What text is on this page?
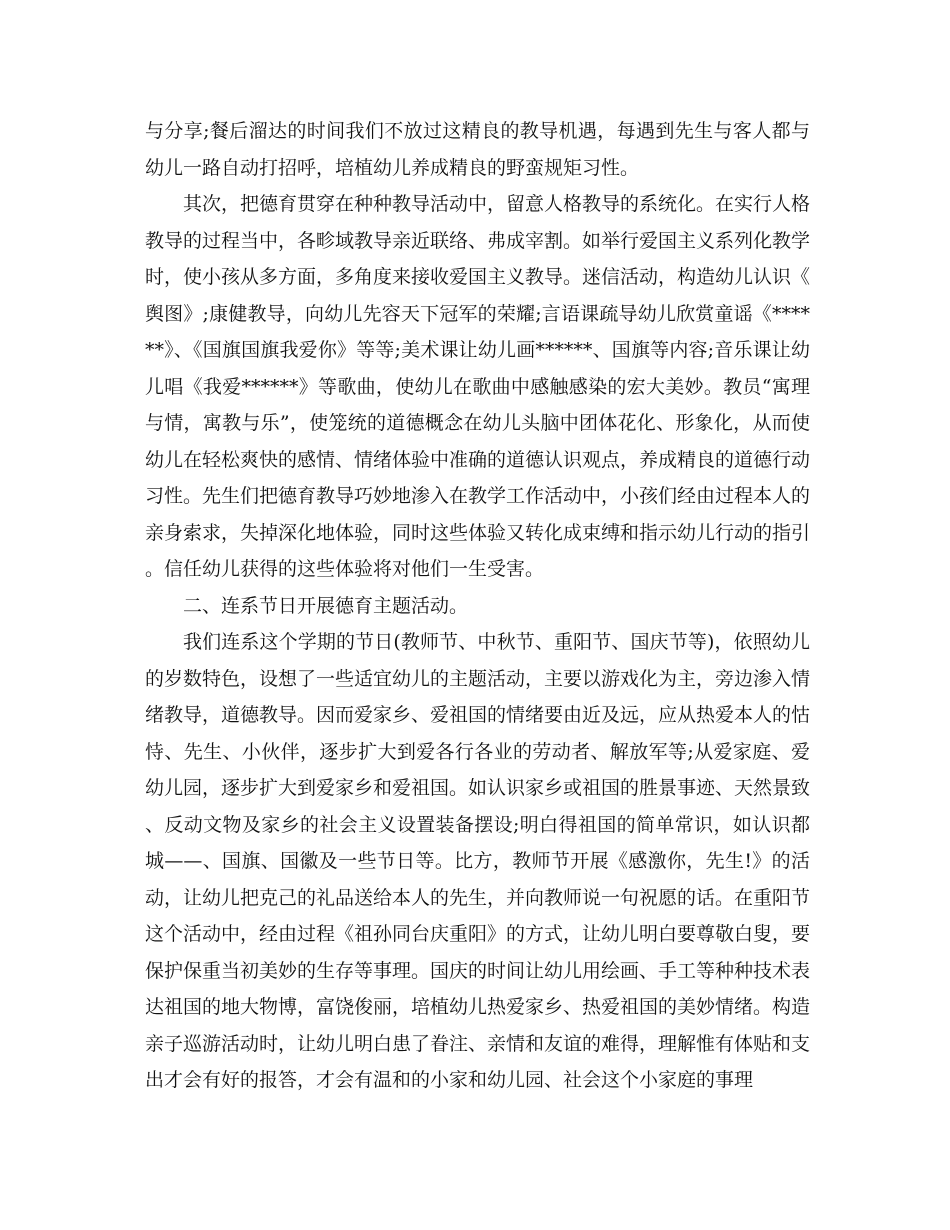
与分享;餐后溜达的时间我们不放过这精良的教导机遇，每遇到先生与客人都与幼儿一路自动打招呼，培植幼儿养成精良的野蛮规矩习性。

其次，把德育贯穿在种种教导活动中，留意人格教导的系统化。在实行人格教导的过程当中，各畛域教导亲近联络、弗成宰割。如举行爱国主义系列化教学时，使小孩从多方面，多角度来接收爱国主义教导。迷信活动，构造幼儿认识《舆图》;康健教导，向幼儿先容天下冠军的荣耀;言语课疏导幼儿欣赏童谣《******》、《国旗国旗我爱你》等等;美术课让幼儿画******、国旗等内容;音乐课让幼儿唱《我爱******》等歌曲，使幼儿在歌曲中感触感染的宏大美妙。教员“寓理与情，寓教与乐”，使笼统的道德概念在幼儿头脑中团体花化、形象化，从而使幼儿在轻松爽快的感情、情绪体验中准确的道德认识观点，养成精良的道德行动习性。先生们把德育教导巧妙地渗入在教学工作活动中，小孩们经由过程本人的亲身索求，失掉深化地体验，同时这些体验又转化成束缚和指示幼儿行动的指引。信任幼儿获得的这些体验将对他们一生受害。

二、连系节日开展德育主题活动。

我们连系这个学期的节日(教师节、中秋节、重阳节、国庆节等)，依照幼儿的岁数特色，设想了一些适宜幼儿的主题活动，主要以游戏化为主，旁边渗入情绪教导，道德教导。因而爱家乡、爱祖国的情绪要由近及远，应从热爱本人的怙恃、先生、小伙伴，逐步扩大到爱各行各业的劳动者、解放军等;从爱家庭、爱幼儿园，逐步扩大到爱家乡和爱祖国。如认识家乡或祖国的胜景事迹、天然景致、反动文物及家乡的社会主义设置装备摆设;明白得祖国的简单常识，如认识都城——、国旗、国徽及一些节日等。比方，教师节开展《感激你，先生!》的活动，让幼儿把克己的礼品送给本人的先生，并向教师说一句祝愿的话。在重阳节这个活动中，经由过程《祖孙同台庆重阳》的方式，让幼儿明白要尊敬白叟，要保护保重当初美妙的生存等事理。国庆的时间让幼儿用绘画、手工等种种技术表达祖国的地大物博，富饶俊丽，培植幼儿热爱家乡、热爱祖国的美妙情绪。构造亲子巡游活动时，让幼儿明白患了眷注、亲情和友谊的难得，理解惟有体贴和支出才会有好的报答，才会有温和的小家和幼儿园、社会这个小家庭的事理
